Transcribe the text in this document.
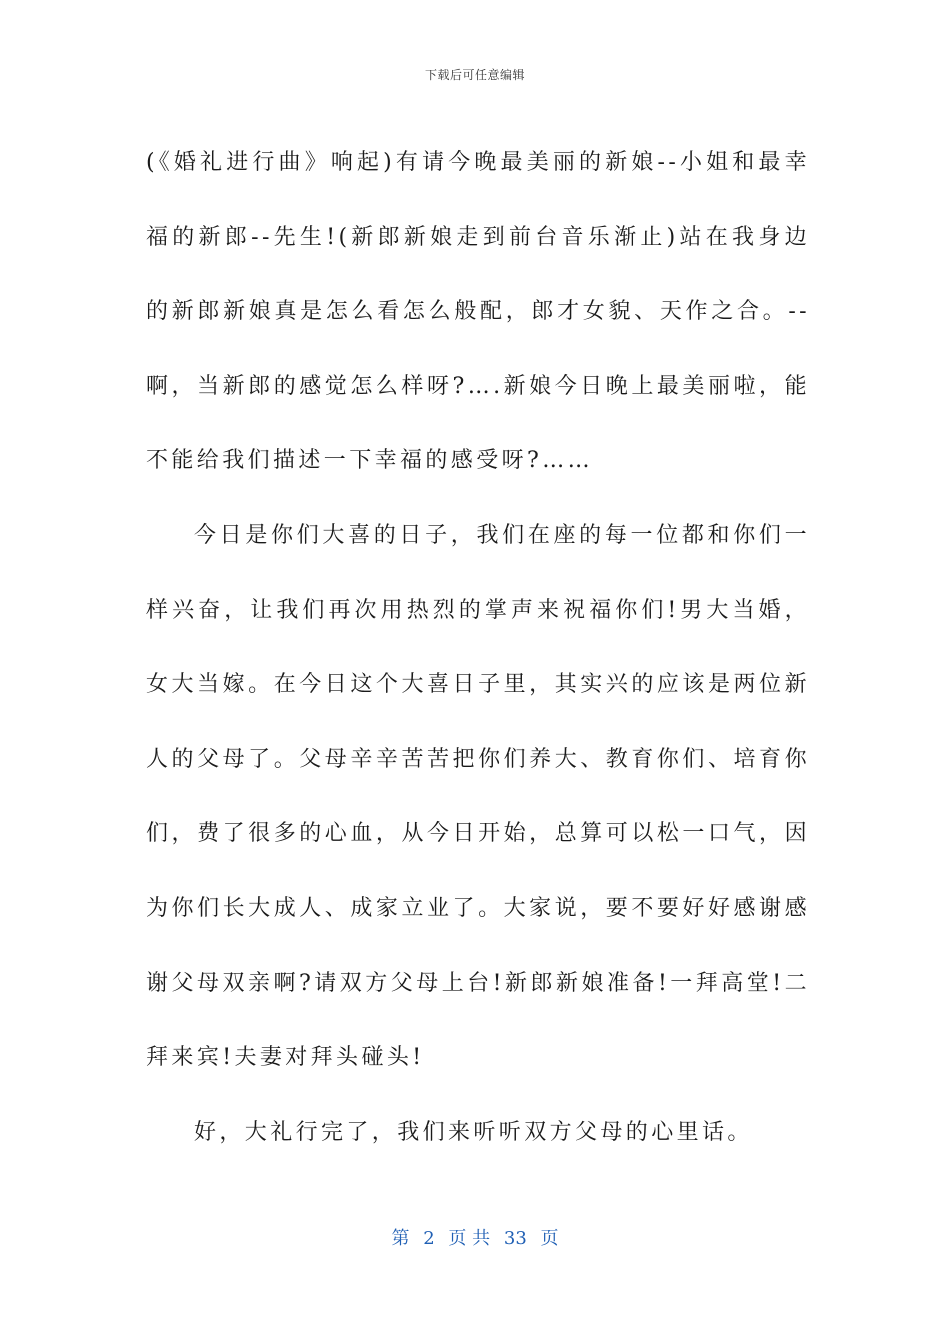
下载后可任意编辑

(《婚礼进行曲》响起)有请今晚最美丽的新娘--小姐和最幸福的新郎--先生!(新郎新娘走到前台音乐渐止)站在我身边的新郎新娘真是怎么看怎么般配，郎才女貌、天作之合。--啊，当新郎的感觉怎么样呀?….新娘今日晚上最美丽啦，能不能给我们描述一下幸福的感受呀?……

今日是你们大喜的日子，我们在座的每一位都和你们一样兴奋，让我们再次用热烈的掌声来祝福你们!男大当婚，女大当嫁。在今日这个大喜日子里，其实兴的应该是两位新人的父母了。父母辛辛苦苦把你们养大、教育你们、培育你们，费了很多的心血，从今日开始，总算可以松一口气，因为你们长大成人、成家立业了。大家说，要不要好好感谢感谢父母双亲啊?请双方父母上台!新郎新娘准备!一拜高堂!二拜来宾!夫妻对拜头碰头!

好，大礼行完了，我们来听听双方父母的心里话。

第 2 页 共 33 页
